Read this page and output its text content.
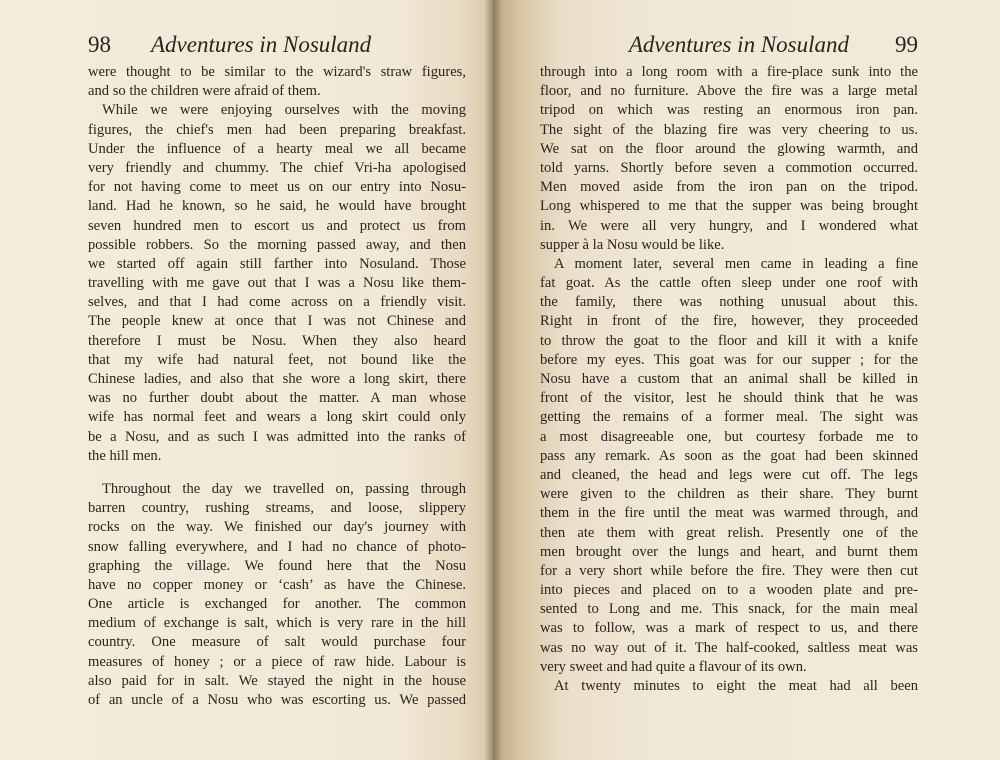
98 Adventures in Nosuland
were thought to be similar to the wizard's straw figures,
and so the children were afraid of them.
While we were enjoying ourselves with the moving
figures, the chief's men had been preparing breakfast.
Under the influence of a hearty meal we all became
very friendly and chummy. The chief Vri-ha apologised
for not having come to meet us on our entry into Nosu-
land. Had he known, so he said, he would have brought
seven hundred men to escort us and protect us from
possible robbers. So the morning passed away, and then
we started off again still farther into Nosuland. Those
travelling with me gave out that I was a Nosu like them-
selves, and that I had come across on a friendly visit.
The people knew at once that I was not Chinese and
therefore I must be Nosu. When they also heard
that my wife had natural feet, not bound like the
Chinese ladies, and also that she wore a long skirt, there
was no further doubt about the matter. A man whose
wife has normal feet and wears a long skirt could only
be a Nosu, and as such I was admitted into the ranks of
the hill men.
Throughout the day we travelled on, passing through
barren country, rushing streams, and loose, slippery
rocks on the way. We finished our day's journey with
snow falling everywhere, and I had no chance of photo-
graphing the village. We found here that the Nosu
have no copper money or ‘cash’ as have the Chinese.
One article is exchanged for another. The common
medium of exchange is salt, which is very rare in the hill
country. One measure of salt would purchase four
measures of honey ; or a piece of raw hide. Labour is
also paid for in salt. We stayed the night in the house
of an uncle of a Nosu who was escorting us. We passed
Adventures in Nosuland 99
through into a long room with a fire-place sunk into the
floor, and no furniture. Above the fire was a large metal
tripod on which was resting an enormous iron pan.
The sight of the blazing fire was very cheering to us.
We sat on the floor around the glowing warmth, and
told yarns. Shortly before seven a commotion occurred.
Men moved aside from the iron pan on the tripod.
Long whispered to me that the supper was being brought
in. We were all very hungry, and I wondered what
supper à la Nosu would be like.
A moment later, several men came in leading a fine
fat goat. As the cattle often sleep under one roof with
the family, there was nothing unusual about this.
Right in front of the fire, however, they proceeded
to throw the goat to the floor and kill it with a knife
before my eyes. This goat was for our supper ; for the
Nosu have a custom that an animal shall be killed in
front of the visitor, lest he should think that he was
getting the remains of a former meal. The sight was
a most disagreeable one, but courtesy forbade me to
pass any remark. As soon as the goat had been skinned
and cleaned, the head and legs were cut off. The legs
were given to the children as their share. They burnt
them in the fire until the meat was warmed through, and
then ate them with great relish. Presently one of the
men brought over the lungs and heart, and burnt them
for a very short while before the fire. They were then cut
into pieces and placed on to a wooden plate and pre-
sented to Long and me. This snack, for the main meal
was to follow, was a mark of respect to us, and there
was no way out of it. The half-cooked, saltless meat was
very sweet and had quite a flavour of its own.
At twenty minutes to eight the meat had all been
